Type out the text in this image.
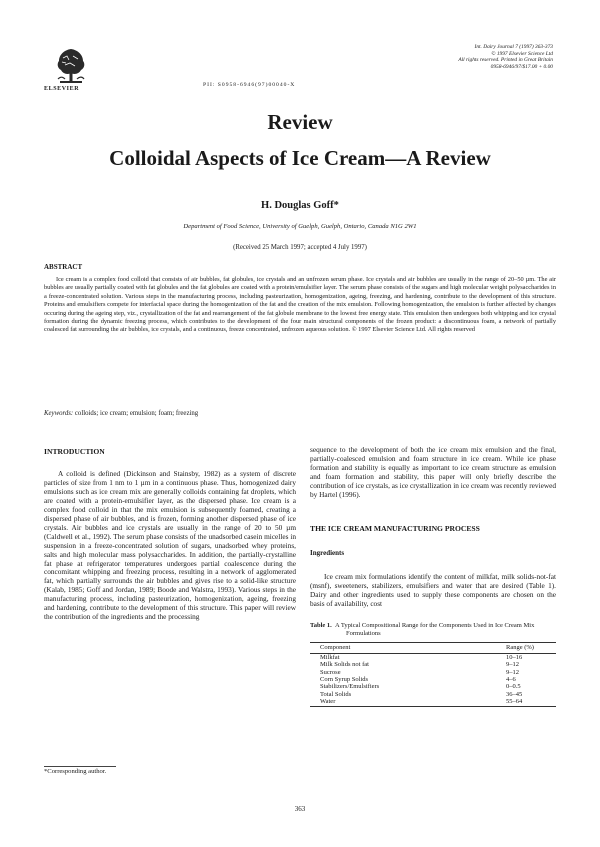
ELSEVIER
PII: S0958-6946(97)00040-X
Int. Dairy Journal 7 (1997) 363-373
© 1997 Elsevier Science Ltd
All rights reserved. Printed in Great Britain
0958-6946/97/$17.00 + 0.00
Review
Colloidal Aspects of Ice Cream—A Review
H. Douglas Goff*
Department of Food Science, University of Guelph, Guelph, Ontario, Canada N1G 2W1
(Received 25 March 1997; accepted 4 July 1997)
ABSTRACT

Ice cream is a complex food colloid that consists of air bubbles, fat globules, ice crystals and an unfrozen serum phase. Ice crystals and air bubbles are usually in the range of 20–50 µm. The air bubbles are usually partially coated with fat globules and the fat globules are coated with a protein/emulsifier layer. The serum phase consists of the sugars and high molecular weight polysaccharides in a freeze-concentrated solution. Various steps in the manufacturing process, including pasteurization, homogenization, ageing, freezing, and hardening, contribute to the development of this structure. Proteins and emulsifiers compete for interfacial space during the homogenization of the fat and the creation of the mix emulsion. Following homogenization, the emulsion is further affected by changes occuring during the ageing step, viz., crystallization of the fat and rearrangement of the fat globule membrane to the lowest free energy state. This emulsion then undergoes both whipping and ice crystal formation during the dynamic freezing process, which contributes to the development of the four main structural components of the frozen product: a discontinuous foam, a network of partially coalesced fat surrounding the air bubbles, ice crystals, and a continuous, freeze concentrated, unfrozen aqueous solution. © 1997 Elsevier Science Ltd. All rights reserved

Keywords: colloids; ice cream; emulsion; foam; freezing
INTRODUCTION

A colloid is defined (Dickinson and Stainsby, 1982) as a system of discrete particles of size from 1 nm to 1 µm in a continuous phase. Thus, homogenized dairy emulsions such as ice cream mix are generally colloids containing fat droplets, which are coated with a protein-emulsifier layer, as the dispersed phase. Ice cream is a complex food colloid in that the mix emulsion is subsequently foamed, creating a dispersed phase of air bubbles, and is frozen, forming another dispersed phase of ice crystals. Air bubbles and ice crystals are usually in the range of 20 to 50 µm (Caldwell et al., 1992). The serum phase consists of the unadsorbed casein micelles in suspension in a freeze-concentrated solution of sugars, unadsorbed whey proteins, salts and high molecular mass polysaccharides. In addition, the partially-crystalline fat phase at refrigerator temperatures undergoes partial coalescence during the concomitant whipping and freezing process, resulting in a network of agglomerated fat, which partially surrounds the air bubbles and gives rise to a solid-like structure (Kalab, 1985; Goff and Jordan, 1989; Boode and Walstra, 1993). Various steps in the manufacturing process, including pasteurization, homogenization, ageing, freezing and hardening, contribute to the development of this structure. This paper will review the contribution of the ingredients and the processing

*Corresponding author.

sequence to the development of both the ice cream mix emulsion and the final, partially-coalesced emulsion and foam structure in ice cream. While ice phase formation and stability is equally as important to ice cream structure as emulsion and foam formation and stability, this paper will only briefly describe the contribution of ice crystals, as ice crystallization in ice cream was recently reviewed by Hartel (1996).

THE ICE CREAM MANUFACTURING PROCESS
Ingredients

Ice cream mix formulations identify the content of milkfat, milk solids-not-fat (msnf), sweeteners, stabilizers, emulsifiers and water that are desired (Table 1). Dairy and other ingredients used to supply these components are chosen on the basis of availability, cost

Table 1. A Typical Compositional Range for the Components Used in Ice Cream Mix Formulations
Component	Range (%)
Milkfat	10–16
Milk Solids not fat	9–12
Sucrose	9–12
Corn Syrup Solids	4–6
Stabilizers/Emulsifiers	0–0.5
Total Solids	36–45
Water	55–64
363
